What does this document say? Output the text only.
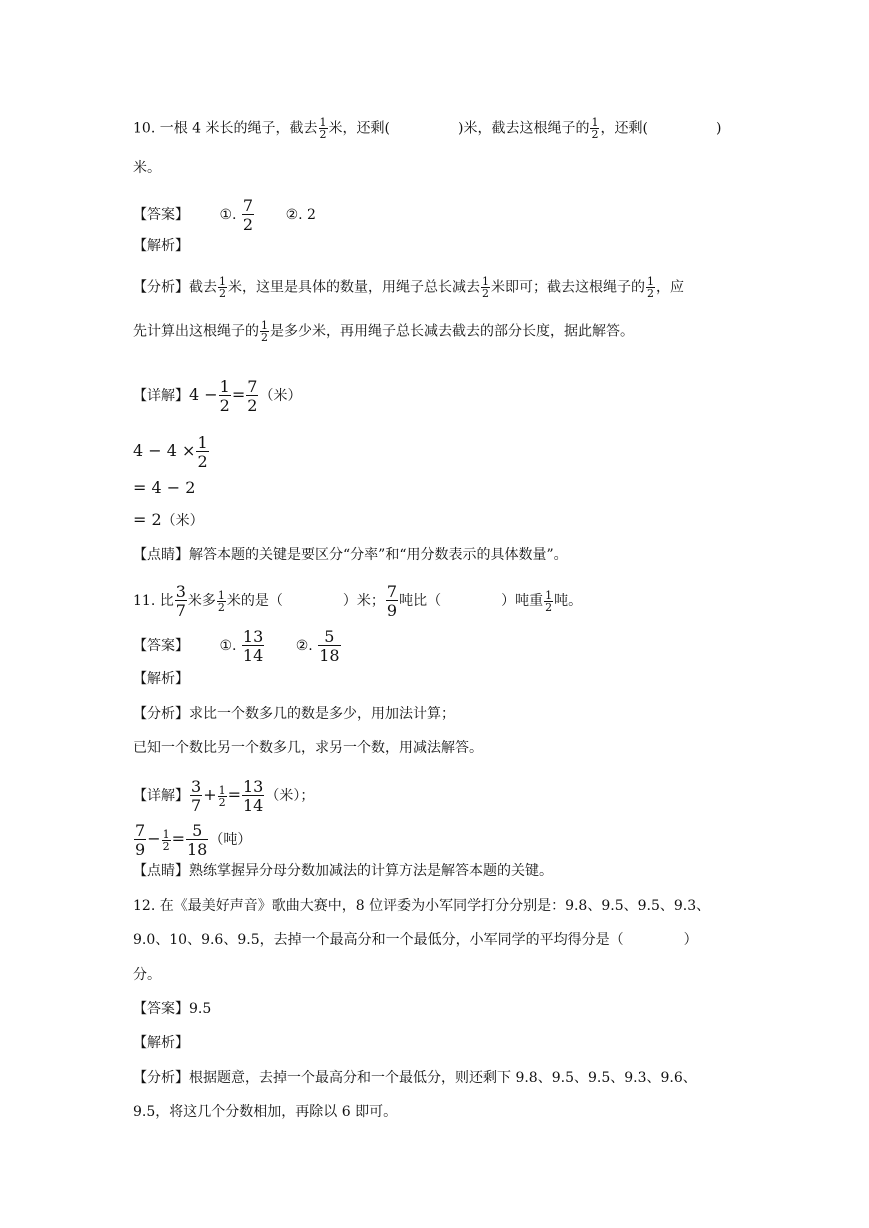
10. 一根 4 米长的绳子，截去 $\frac{1}{2}$ 米，还剩(	)米，截去这根绳子的 $\frac{1}{2}$ ，还剩(	)
米。
【答案】 ①. $\frac{7}{2}$ ②. 2
【解析】
【分析】截去 $\frac{1}{2}$ 米，这里是具体的数量，用绳子总长减去 $\frac{1}{2}$ 米即可；截去这根绳子的 $\frac{1}{2}$ ，应
先计算出这根绳子的 $\frac{1}{2}$ 是多少米，再用绳子总长减去截去的部分长度，据此解答。
【详解】$4 - \frac{1}{2} = \frac{7}{2}$ （米）
$4 - 4 \times \frac{1}{2}$
= 4 − 2
= 2（米）
【点睛】解答本题的关键是要区分“分率”和“用分数表示的具体数量”。
11. 比 $\frac{3}{7}$ 米多 $\frac{1}{2}$ 米的是（	）米； $\frac{7}{9}$ 吨比（	）吨重 $\frac{1}{2}$ 吨。
【答案】 ①. $\frac{13}{14}$ ②. $\frac{5}{18}$
【解析】
【分析】求比一个数多几的数是多少，用加法计算；
已知一个数比另一个数多几，求另一个数，用减法解答。
【详解】 $\frac{3}{7} + \frac{1}{2} = \frac{13}{14}$ （米）；
$\frac{7}{9} - \frac{1}{2} = \frac{5}{18}$ （吨）
【点睛】熟练掌握异分母分数加减法的计算方法是解答本题的关键。
12. 在《最美好声音》歌曲大赛中，8 位评委为小军同学打分分别是：9.8、9.5、9.5、9.3、
9.0、10、9.6、9.5，去掉一个最高分和一个最低分，小军同学的平均得分是（	）
分。
【答案】9.5
【解析】
【分析】根据题意，去掉一个最高分和一个最低分，则还剩下 9.8、9.5、9.5、9.3、9.6、
9.5，将这几个分数相加，再除以 6 即可。
